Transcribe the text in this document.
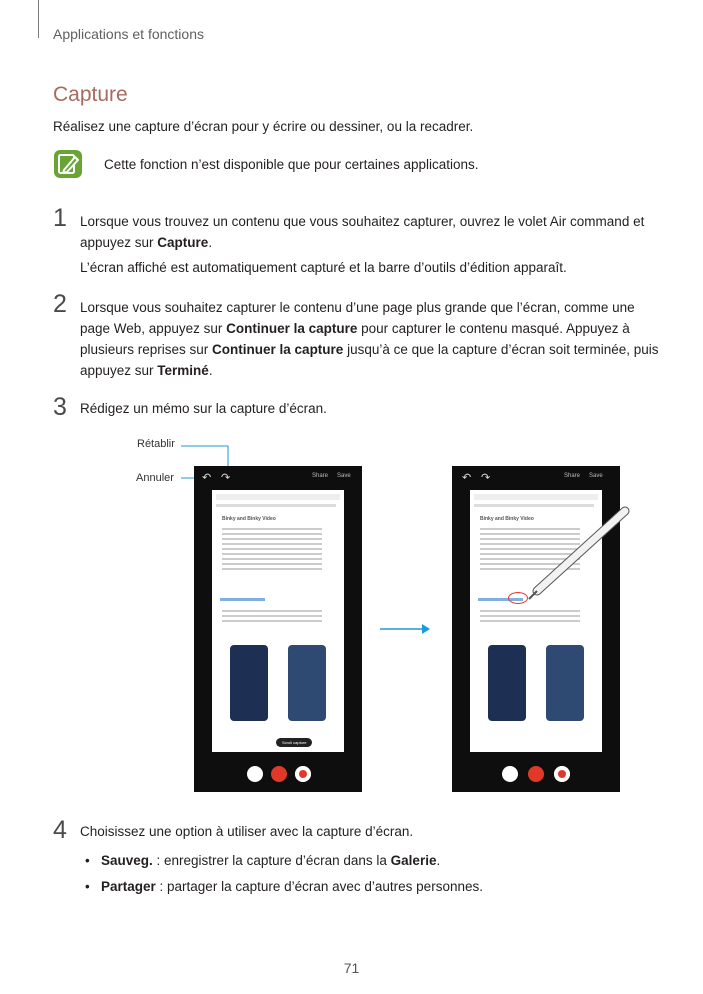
Applications et fonctions
Capture
Réalisez une capture d’écran pour y écrire ou dessiner, ou la recadrer.
Cette fonction n’est disponible que pour certaines applications.
1 Lorsque vous trouvez un contenu que vous souhaitez capturer, ouvrez le volet Air command et appuyez sur Capture.
L’écran affiché est automatiquement capturé et la barre d’outils d’édition apparaît.
2 Lorsque vous souhaitez capturer le contenu d’une page plus grande que l’écran, comme une page Web, appuyez sur Continuer la capture pour capturer le contenu masqué. Appuyez à plusieurs reprises sur Continuer la capture jusqu’à ce que la capture d’écran soit terminée, puis appuyez sur Terminé.
3 Rédigez un mémo sur la capture d’écran.
Rétablir
Annuler	↶ ↷	Share Save
Binky and Binky Video
Scroll capture
↶ ↷	Share Save
Binky and Binky Video
4 Choisissez une option à utiliser avec la capture d’écran.
• Sauveg. : enregistrer la capture d’écran dans la Galerie.
• Partager : partager la capture d’écran avec d’autres personnes.
71
